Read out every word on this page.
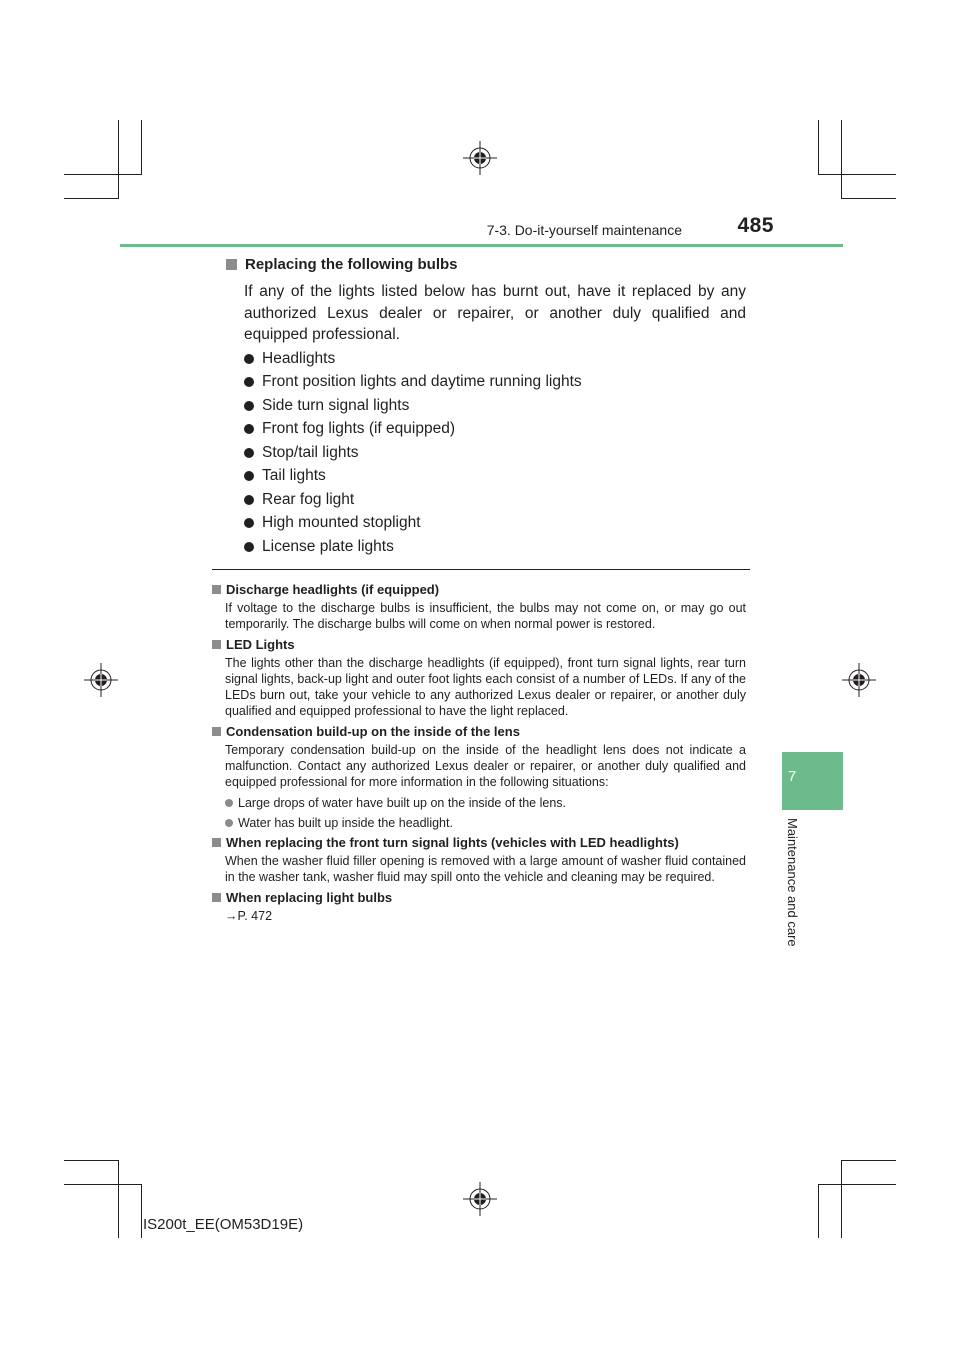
7-3. Do-it-yourself maintenance	485
7
Maintenance and care
Replacing the following bulbs
If any of the lights listed below has burnt out, have it replaced by any authorized Lexus dealer or repairer, or another duly qualified and equipped professional.
Headlights
Front position lights and daytime running lights
Side turn signal lights
Front fog lights (if equipped)
Stop/tail lights
Tail lights
Rear fog light
High mounted stoplight
License plate lights
Discharge headlights (if equipped)
If voltage to the discharge bulbs is insufficient, the bulbs may not come on, or may go out temporarily. The discharge bulbs will come on when normal power is restored.
LED Lights
The lights other than the discharge headlights (if equipped), front turn signal lights, rear turn signal lights, back-up light and outer foot lights each consist of a number of LEDs. If any of the LEDs burn out, take your vehicle to any authorized Lexus dealer or repairer, or another duly qualified and equipped professional to have the light replaced.
Condensation build-up on the inside of the lens
Temporary condensation build-up on the inside of the headlight lens does not indicate a malfunction. Contact any authorized Lexus dealer or repairer, or another duly qualified and equipped professional for more information in the following situations:
Large drops of water have built up on the inside of the lens.
Water has built up inside the headlight.
When replacing the front turn signal lights (vehicles with LED headlights)
When the washer fluid filler opening is removed with a large amount of washer fluid contained in the washer tank, washer fluid may spill onto the vehicle and cleaning may be required.
When replacing light bulbs
→P. 472
IS200t_EE(OM53D19E)
